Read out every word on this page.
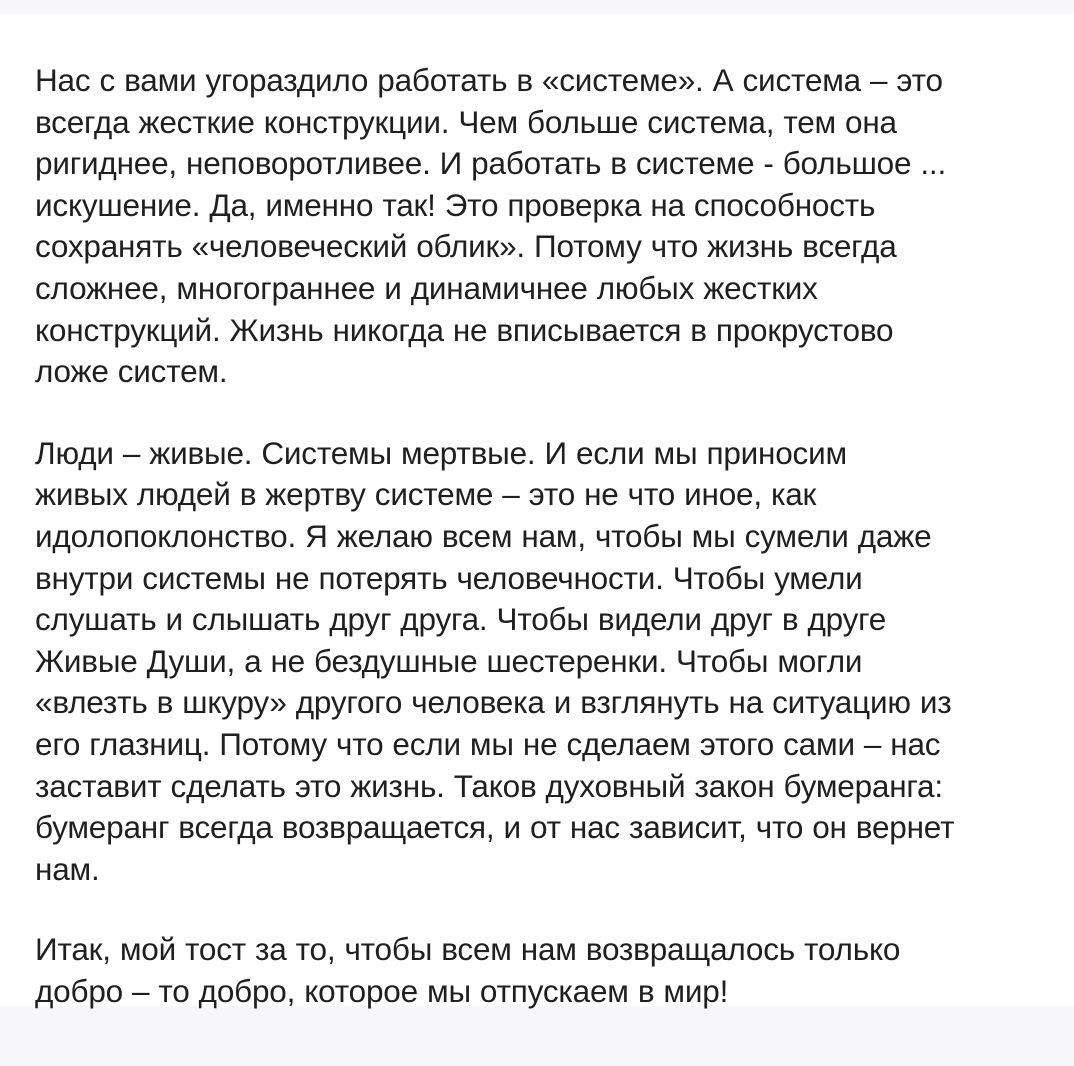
Нас с вами угораздило работать в «системе». А система – это
всегда жесткие конструкции. Чем больше система, тем она
ригиднее, неповоротливее. И работать в системе - большое ...
искушение. Да, именно так! Это проверка на способность
сохранять «человеческий облик». Потому что жизнь всегда
сложнее, многограннее и динамичнее любых жестких
конструкций. Жизнь никогда не вписывается в прокрустово
ложе систем.

Люди – живые. Системы мертвые. И если мы приносим
живых людей в жертву системе – это не что иное, как
идолопоклонство. Я желаю всем нам, чтобы мы сумели даже
внутри системы не потерять человечности. Чтобы умели
слушать и слышать друг друга. Чтобы видели друг в друге
Живые Души, а не бездушные шестеренки. Чтобы могли
«влезть в шкуру» другого человека и взглянуть на ситуацию из
его глазниц. Потому что если мы не сделаем этого сами – нас
заставит сделать это жизнь. Таков духовный закон бумеранга:
бумеранг всегда возвращается, и от нас зависит, что он вернет
нам.

Итак, мой тост за то, чтобы всем нам возвращалось только
добро – то добро, которое мы отпускаем в мир!
